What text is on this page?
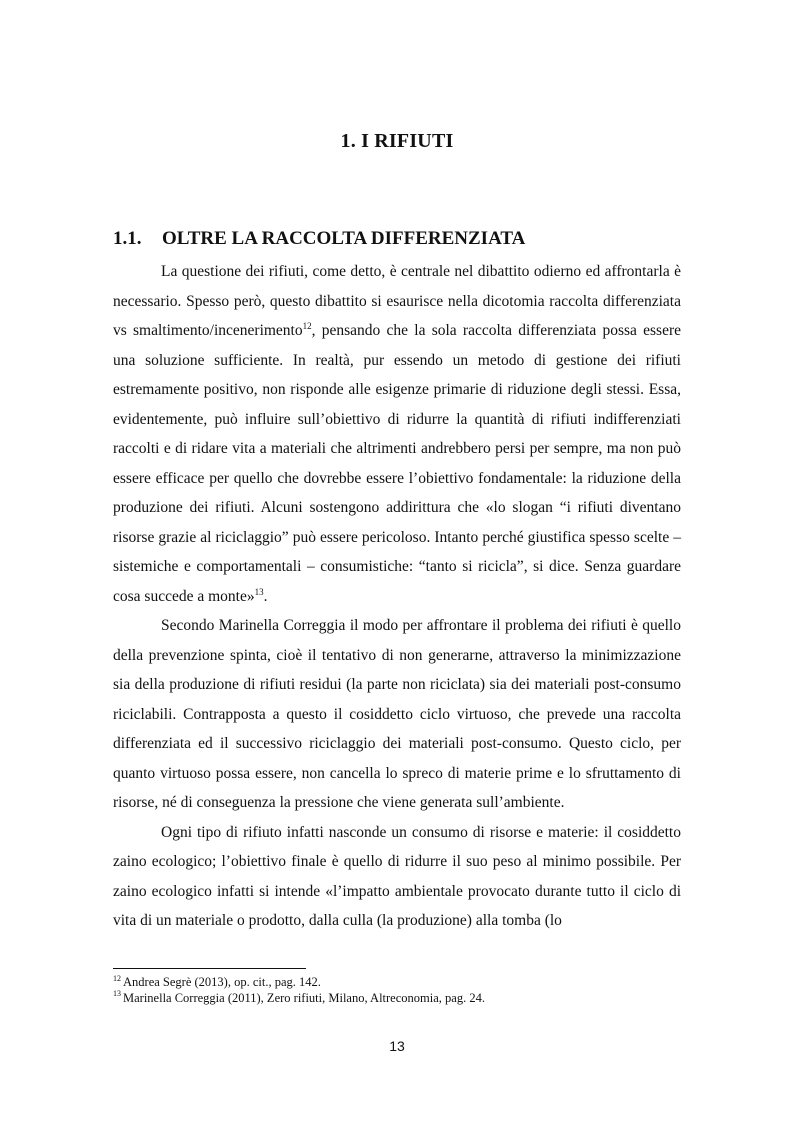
1. I RIFIUTI
1.1. OLTRE LA RACCOLTA DIFFERENZIATA

La questione dei rifiuti, come detto, è centrale nel dibattito odierno ed affrontarla è necessario. Spesso però, questo dibattito si esaurisce nella dicotomia raccolta differenziata vs smaltimento/incenerimento$^{12}$, pensando che la sola raccolta differenziata possa essere una soluzione sufficiente. In realtà, pur essendo un metodo di gestione dei rifiuti estremamente positivo, non risponde alle esigenze primarie di riduzione degli stessi. Essa, evidentemente, può influire sull’obiettivo di ridurre la quantità di rifiuti indifferenziati raccolti e di ridare vita a materiali che altrimenti andrebbero persi per sempre, ma non può essere efficace per quello che dovrebbe essere l’obiettivo fondamentale: la riduzione della produzione dei rifiuti. Alcuni sostengono addirittura che «lo slogan “i rifiuti diventano risorse grazie al riciclaggio” può essere pericoloso. Intanto perché giustifica spesso scelte – sistemiche e comportamentali – consumistiche: “tanto si ricicla”, si dice. Senza guardare cosa succede a monte»$^{13}$.

Secondo Marinella Correggia il modo per affrontare il problema dei rifiuti è quello della prevenzione spinta, cioè il tentativo di non generarne, attraverso la minimizzazione sia della produzione di rifiuti residui (la parte non riciclata) sia dei materiali post-consumo riciclabili. Contrapposta a questo il cosiddetto ciclo virtuoso, che prevede una raccolta differenziata ed il successivo riciclaggio dei materiali post-consumo. Questo ciclo, per quanto virtuoso possa essere, non cancella lo spreco di materie prime e lo sfruttamento di risorse, né di conseguenza la pressione che viene generata sull’ambiente.

Ogni tipo di rifiuto infatti nasconde un consumo di risorse e materie: il cosiddetto zaino ecologico; l’obiettivo finale è quello di ridurre il suo peso al minimo possibile. Per zaino ecologico infatti si intende «l’impatto ambientale provocato durante tutto il ciclo di vita di un materiale o prodotto, dalla culla (la produzione) alla tomba (lo

$^{12}$ Andrea Segrè (2013), op. cit., pag. 142.

$^{13}$ Marinella Correggia (2011), Zero rifiuti, Milano, Altreconomia, pag. 24.

13
